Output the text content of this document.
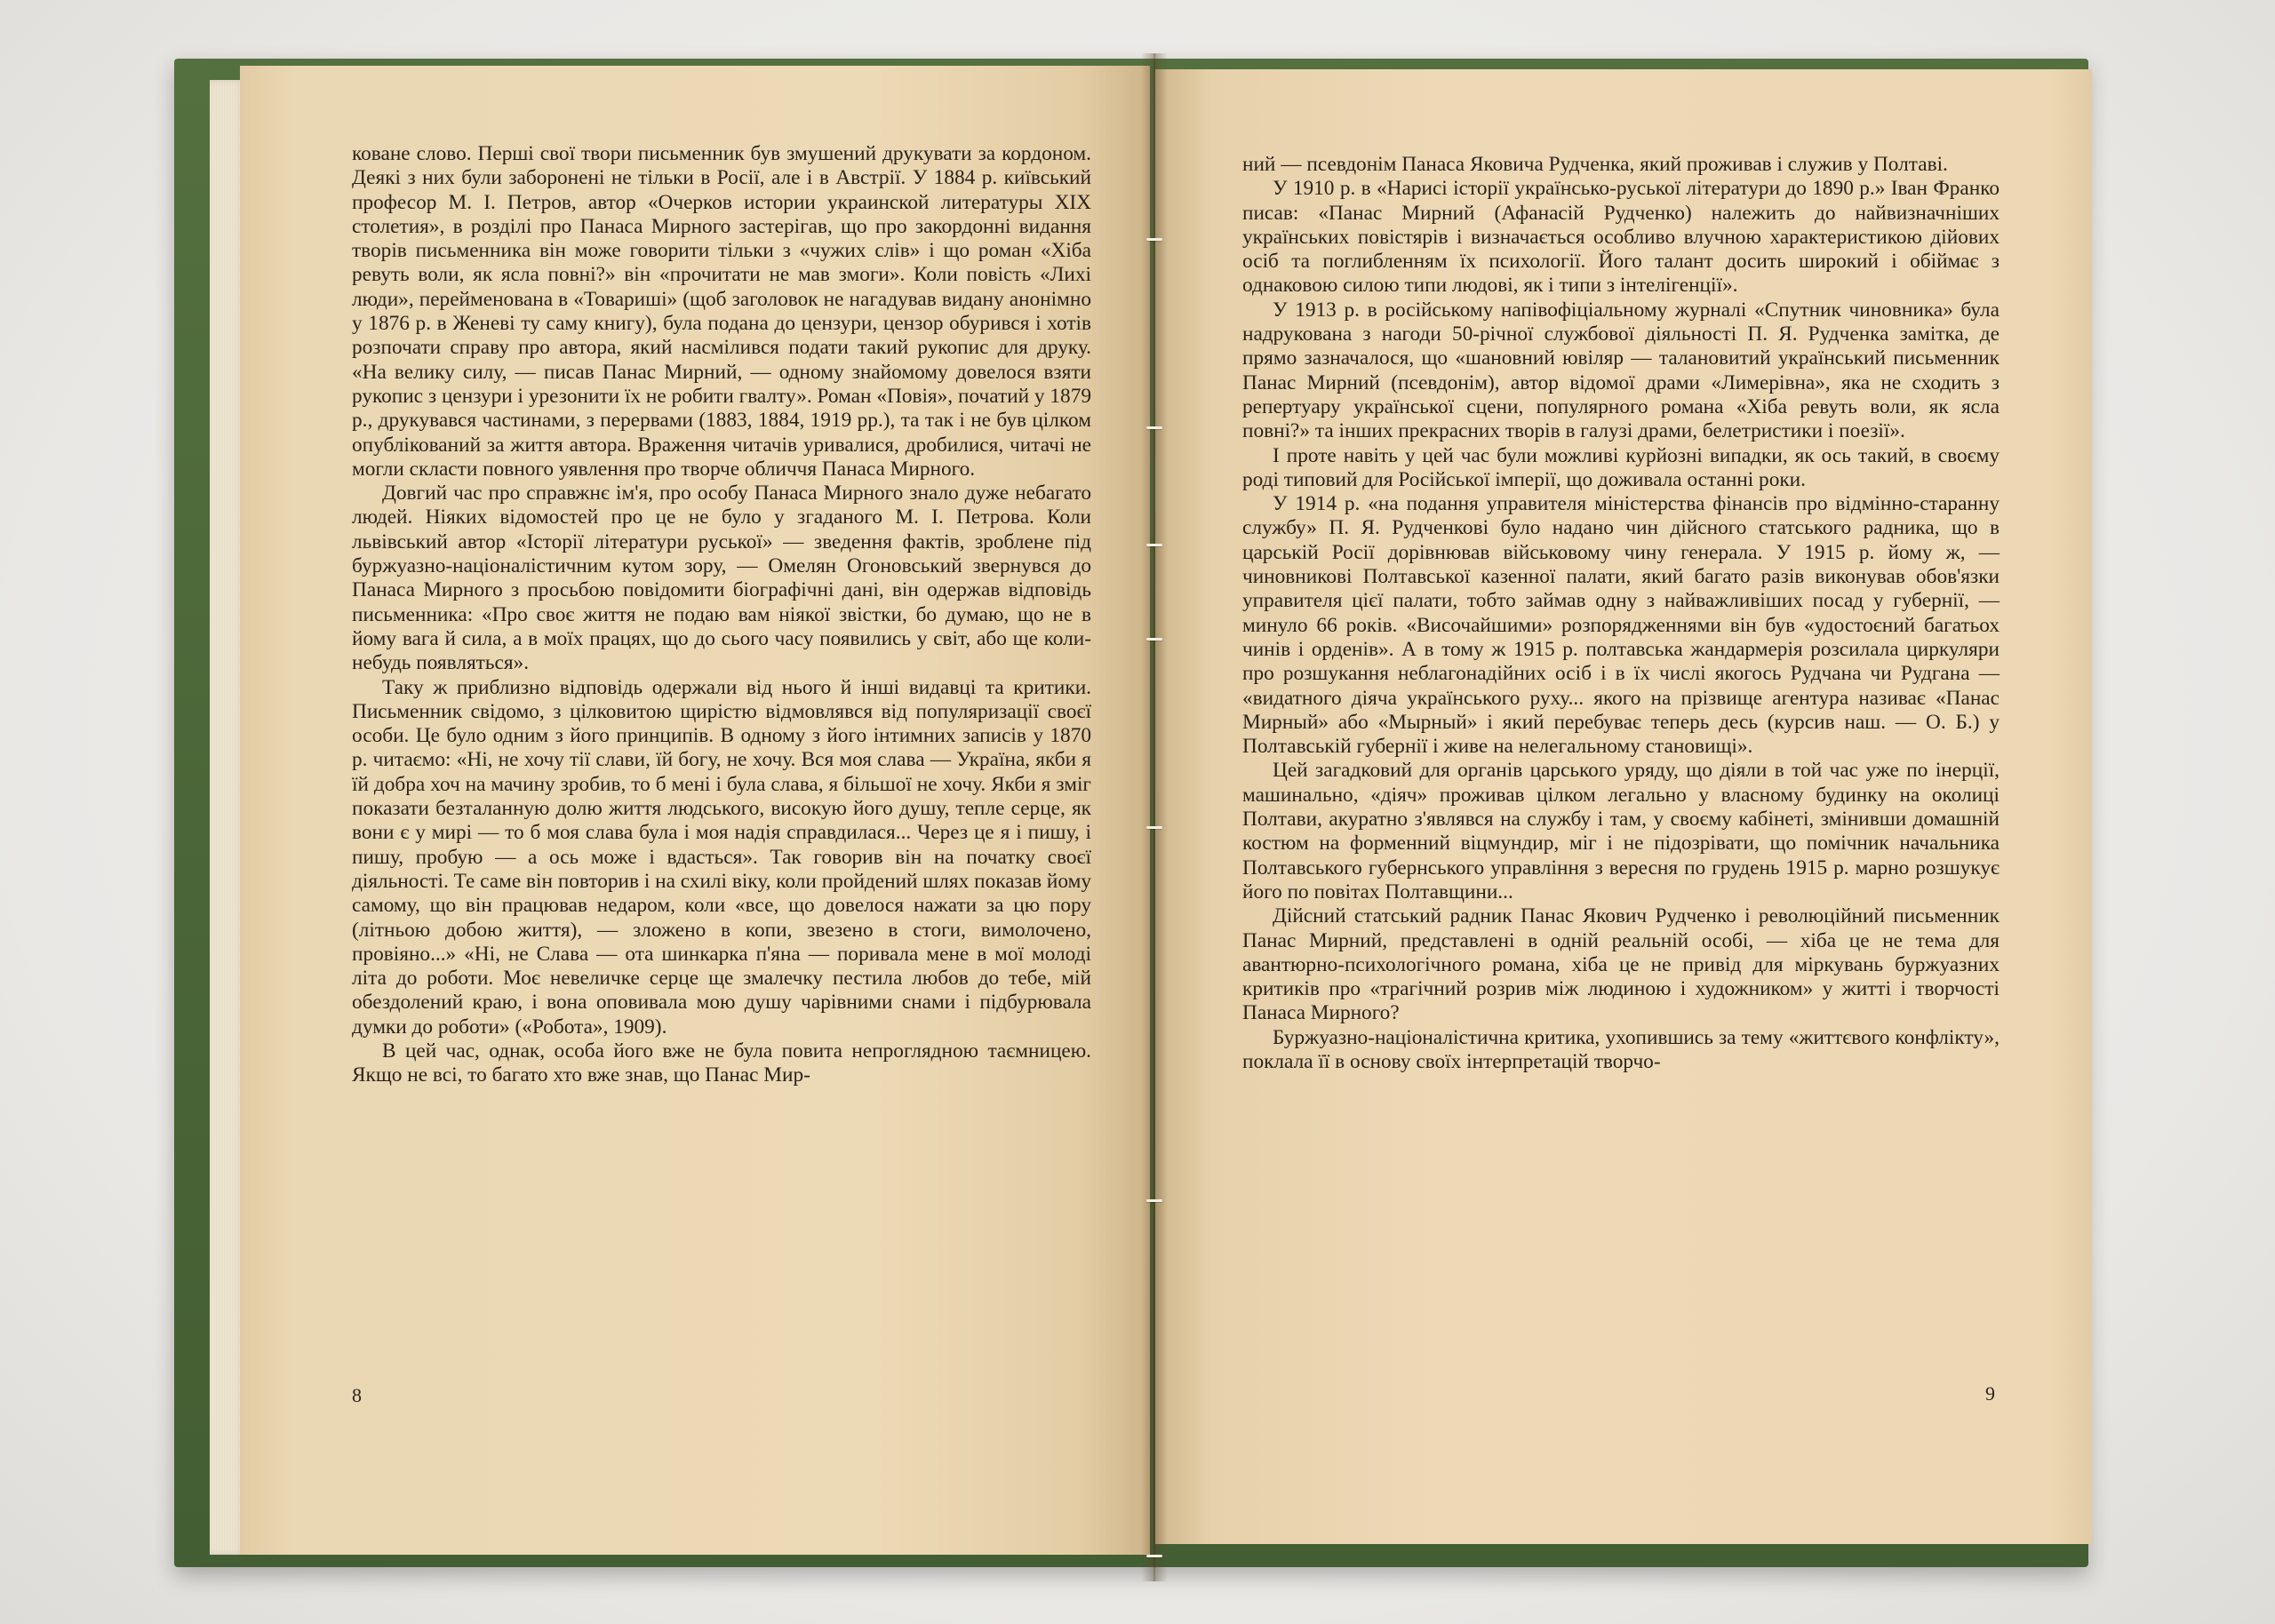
коване слово. Перші свої твори письменник був змушений друкувати за кордоном. Деякі з них були заборонені не тільки в Росії, але і в Австрії. У 1884 р. київський професор М. І. Петров, автор «Очерков истории украинской литературы XIX столетия», в розділі про Панаса Мирного застерігав, що про закордонні видання творів письменника він може говорити тільки з «чужих слів» і що роман «Хіба ревуть воли, як ясла повні?» він «прочитати не мав змоги». Коли повість «Лихі люди», перейменована в «Товариші» (щоб заголовок не нагадував видану анонімно у 1876 р. в Женеві ту саму книгу), була подана до цензури, цензор обурився і хотів розпочати справу про автора, який насмілився подати такий рукопис для друку. «На велику силу, — писав Панас Мирний, — одному знайомому довелося взяти рукопис з цензури і урезонити їх не робити гвалту». Роман «Повія», початий у 1879 р., друкувався частинами, з перервами (1883, 1884, 1919 рр.), та так і не був цілком опублікований за життя автора. Враження читачів уривалися, дробилися, читачі не могли скласти повного уявлення про творче обличчя Панаса Мирного.

Довгий час про справжнє ім'я, про особу Панаса Мирного знало дуже небагато людей. Ніяких відомостей про це не було у згаданого М. І. Петрова. Коли львівський автор «Історії літератури руської» — зведення фактів, зроблене під буржуазно-націоналістичним кутом зору, — Омелян Огоновський звернувся до Панаса Мирного з просьбою повідомити біографічні дані, він одержав відповідь письменника: «Про своє життя не подаю вам ніякої звістки, бо думаю, що не в йому вага й сила, а в моїх працях, що до сього часу появились у світ, або ще коли-небудь появляться».

Таку ж приблизно відповідь одержали від нього й інші видавці та критики. Письменник свідомо, з цілковитою щирістю відмовлявся від популяризації своєї особи. Це було одним з його принципів. В одному з його інтимних записів у 1870 р. читаємо: «Ні, не хочу тії слави, їй богу, не хочу. Вся моя слава — Україна, якби я їй добра хоч на мачину зробив, то б мені і була слава, я більшої не хочу. Якби я зміг показати безталанную долю життя людського, високую його душу, тепле серце, як вони є у мирі — то б моя слава була і моя надія справдилася... Через це я і пишу, і пишу, пробую — а ось може і вдасться». Так говорив він на початку своєї діяльності. Те саме він повторив і на схилі віку, коли пройдений шлях показав йому самому, що він працював недаром, коли «все, що довелося нажати за цю пору (літньою добою життя), — зложено в копи, звезено в стоги, вимолочено, провіяно...» «Ні, не Слава — ота шинкарка п'яна — поривала мене в мої молоді літа до роботи. Моє невеличке серце ще змалечку пестила любов до тебе, мій обездолений краю, і вона оповивала мою душу чарівними снами і підбурювала думки до роботи» («Робота», 1909).

В цей час, однак, особа його вже не була повита непроглядною таємницею. Якщо не всі, то багато хто вже знав, що Панас Мир-

8

ний — псевдонім Панаса Яковича Рудченка, який проживав і служив у Полтаві.

У 1910 р. в «Нарисі історії українсько-руської літератури до 1890 р.» Іван Франко писав: «Панас Мирний (Афанасій Рудченко) належить до найвизначніших українських повістярів і визначається особливо влучною характеристикою дійових осіб та поглибленням їх психології. Його талант досить широкий і обіймає з однаковою силою типи людові, як і типи з інтелігенції».

У 1913 р. в російському напівофіціальному журналі «Спутник чиновника» була надрукована з нагоди 50-річної службової діяльності П. Я. Рудченка замітка, де прямо зазначалося, що «шановний ювіляр — талановитий український письменник Панас Мирний (псевдонім), автор відомої драми «Лимерівна», яка не сходить з репертуару української сцени, популярного романа «Хіба ревуть воли, як ясла повні?» та інших прекрасних творів в галузі драми, белетристики і поезії».

І проте навіть у цей час були можливі курйозні випадки, як ось такий, в своєму роді типовий для Російської імперії, що доживала останні роки.

У 1914 р. «на подання управителя міністерства фінансів про відмінно-старанну службу» П. Я. Рудченкові було надано чин дійсного статського радника, що в царській Росії дорівнював військовому чину генерала. У 1915 р. йому ж, — чиновникові Полтавської казенної палати, який багато разів виконував обов'язки управителя цієї палати, тобто займав одну з найважливіших посад у губернії, — минуло 66 років. «Височайшими» розпорядженнями він був «удостоєний багатьох чинів і орденів». А в тому ж 1915 р. полтавська жандармерія розсилала циркуляри про розшукання неблагонадійних осіб і в їх числі якогось Рудчана чи Рудгана — «видатного діяча українського руху... якого на прізвище агентура називає «Панас Мирный» або «Мырный» і який перебуває теперь десь (курсив наш. — О. Б.) у Полтавській губернії і живе на нелегальному становищі».

Цей загадковий для органів царського уряду, що діяли в той час уже по інерції, машинально, «діяч» проживав цілком легально у власному будинку на околиці Полтави, акуратно з'являвся на службу і там, у своєму кабінеті, змінивши домашній костюм на форменний віцмундир, міг і не підозрівати, що помічник начальника Полтавського губернського управління з вересня по грудень 1915 р. марно розшукує його по повітах Полтавщини...

Дійсний статський радник Панас Якович Рудченко і революційний письменник Панас Мирний, представлені в одній реальній особі, — хіба це не тема для авантюрно-психологічного романа, хіба це не привід для міркувань буржуазних критиків про «трагічний розрив між людиною і художником» у житті і творчості Панаса Мирного?

Буржуазно-націоналістична критика, ухопившись за тему «життєвого конфлікту», поклала її в основу своїх інтерпретацій творчо-

9
